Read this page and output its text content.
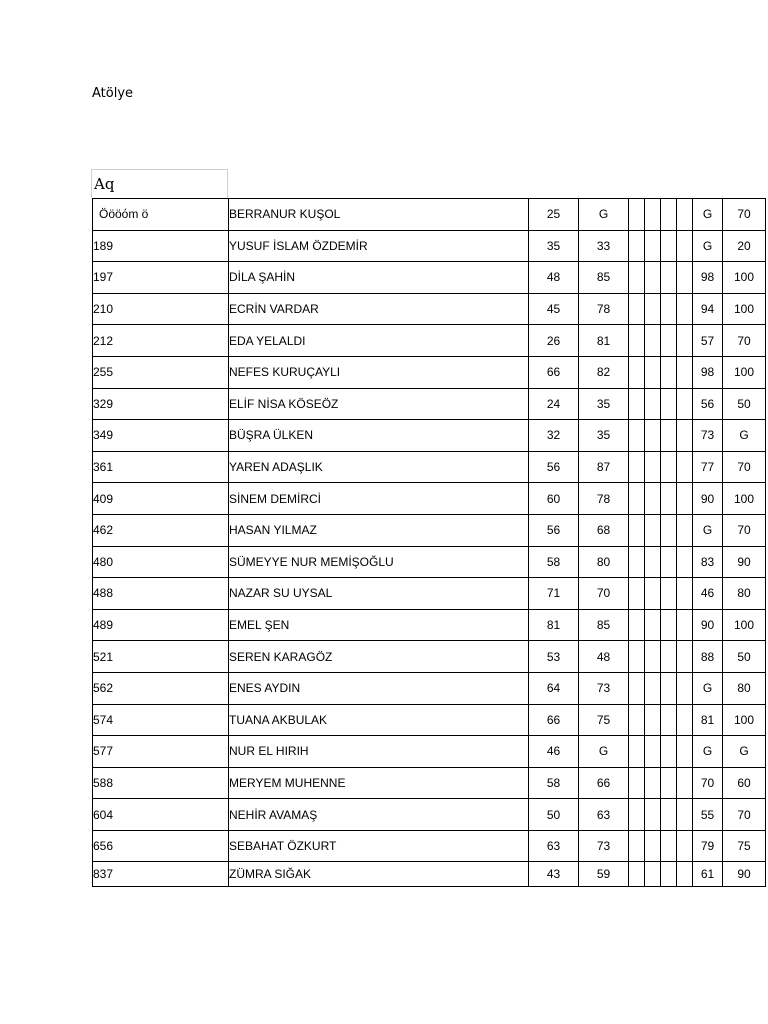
Atölye
Aq
Öööόm ö	BERRANUR KUŞOL	25	G					G	70
189	YUSUF İSLAM ÖZDEMİR	35	33					G	20
197	DİLA ŞAHİN	48	85					98	100
210	ECRİN VARDAR	45	78					94	100
212	EDA YELALDI	26	81					57	70
255	NEFES KURUÇAYLI	66	82					98	100
329	ELİF NİSA KÖSEÖZ	24	35					56	50
349	BÜŞRA ÜLKEN	32	35					73	G
361	YAREN ADAŞLIK	56	87					77	70
409	SİNEM DEMİRCİ	60	78					90	100
462	HASAN YILMAZ	56	68					G	70
480	SÜMEYYE NUR MEMİŞOĞLU	58	80					83	90
488	NAZAR SU UYSAL	71	70					46	80
489	EMEL ŞEN	81	85					90	100
521	SEREN KARAGÖZ	53	48					88	50
562	ENES AYDIN	64	73					G	80
574	TUANA AKBULAK	66	75					81	100
577	NUR EL HIRIH	46	G					G	G
588	MERYEM MUHENNE	58	66					70	60
604	NEHİR AVAMAŞ	50	63					55	70
656	SEBAHAT ÖZKURT	63	73					79	75
837	ZÜMRA SIĞAK	43	59					61	90
